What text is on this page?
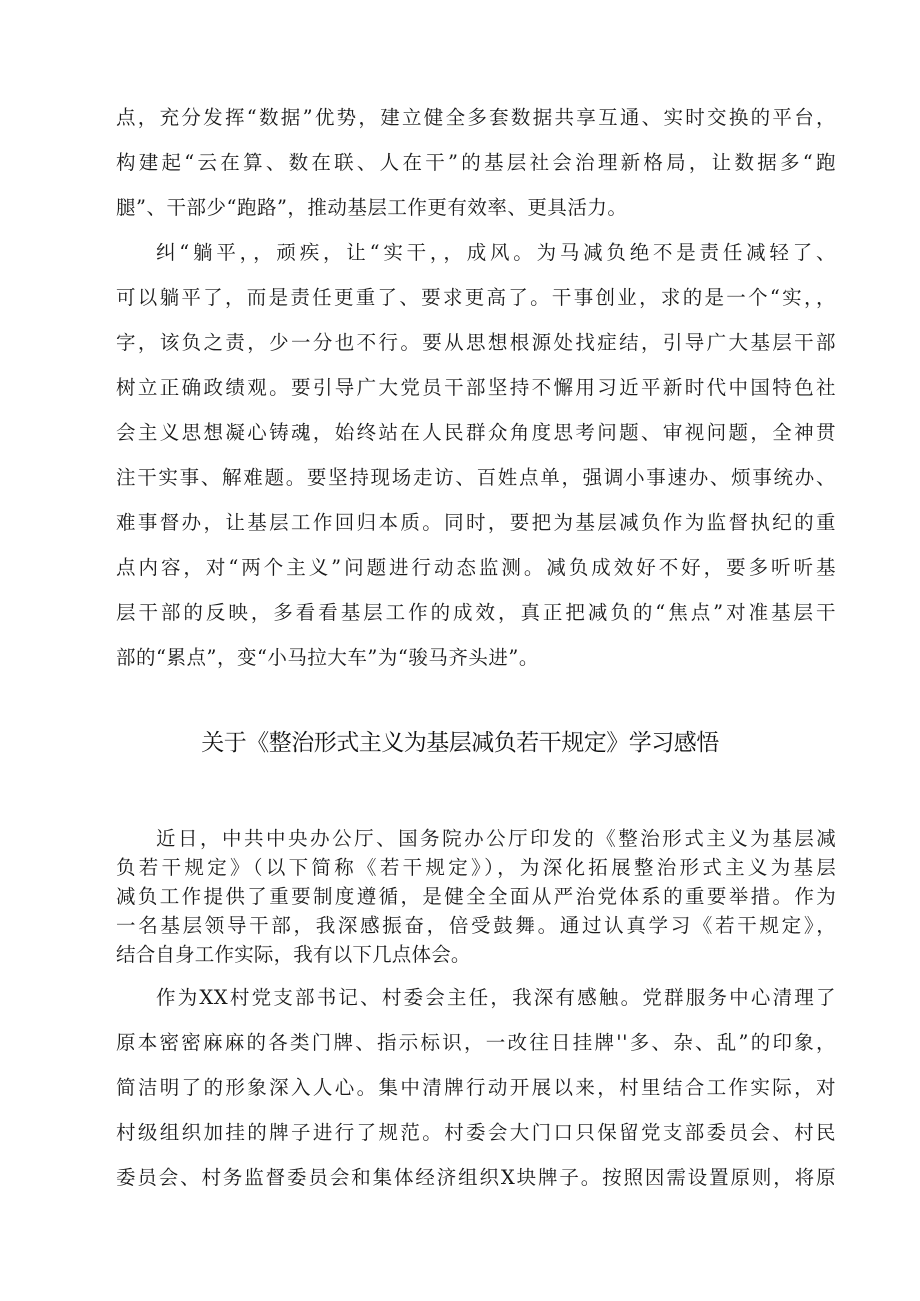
点，充分发挥“数据”优势，建立健全多套数据共享互通、实时交换的平台，
构建起“云在算、数在联、人在干”的基层社会治理新格局，让数据多“跑
腿”、干部少“跑路”，推动基层工作更有效率、更具活力。
纠“躺平，，顽疾，让“实干，，成风。为马减负绝不是责任减轻了、
可以躺平了，而是责任更重了、要求更高了。干事创业，求的是一个“实，，
字，该负之责，少一分也不行。要从思想根源处找症结，引导广大基层干部
树立正确政绩观。要引导广大党员干部坚持不懈用习近平新时代中国特色社
会主义思想凝心铸魂，始终站在人民群众角度思考问题、审视问题，全神贯
注干实事、解难题。要坚持现场走访、百姓点单，强调小事速办、烦事统办、
难事督办，让基层工作回归本质。同时，要把为基层减负作为监督执纪的重
点内容，对“两个主义”问题进行动态监测。减负成效好不好，要多听听基
层干部的反映，多看看基层工作的成效，真正把减负的“焦点”对准基层干
部的“累点”，变“小马拉大车”为“骏马齐头进”。
关于《整治形式主义为基层减负若干规定》学习感悟
近日，中共中央办公厅、国务院办公厅印发的《整治形式主义为基层减
负若干规定》（以下简称《若干规定》），为深化拓展整治形式主义为基层
减负工作提供了重要制度遵循，是健全全面从严治党体系的重要举措。作为
一名基层领导干部，我深感振奋，倍受鼓舞。通过认真学习《若干规定》，
结合自身工作实际，我有以下几点体会。
作为XX村党支部书记、村委会主任，我深有感触。党群服务中心清理了
原本密密麻麻的各类门牌、指示标识，一改往日挂牌''多、杂、乱”的印象，
简洁明了的形象深入人心。集中清牌行动开展以来，村里结合工作实际，对
村级组织加挂的牌子进行了规范。村委会大门口只保留党支部委员会、村民
委员会、村务监督委员会和集体经济组织X块牌子。按照因需设置原则，将原
